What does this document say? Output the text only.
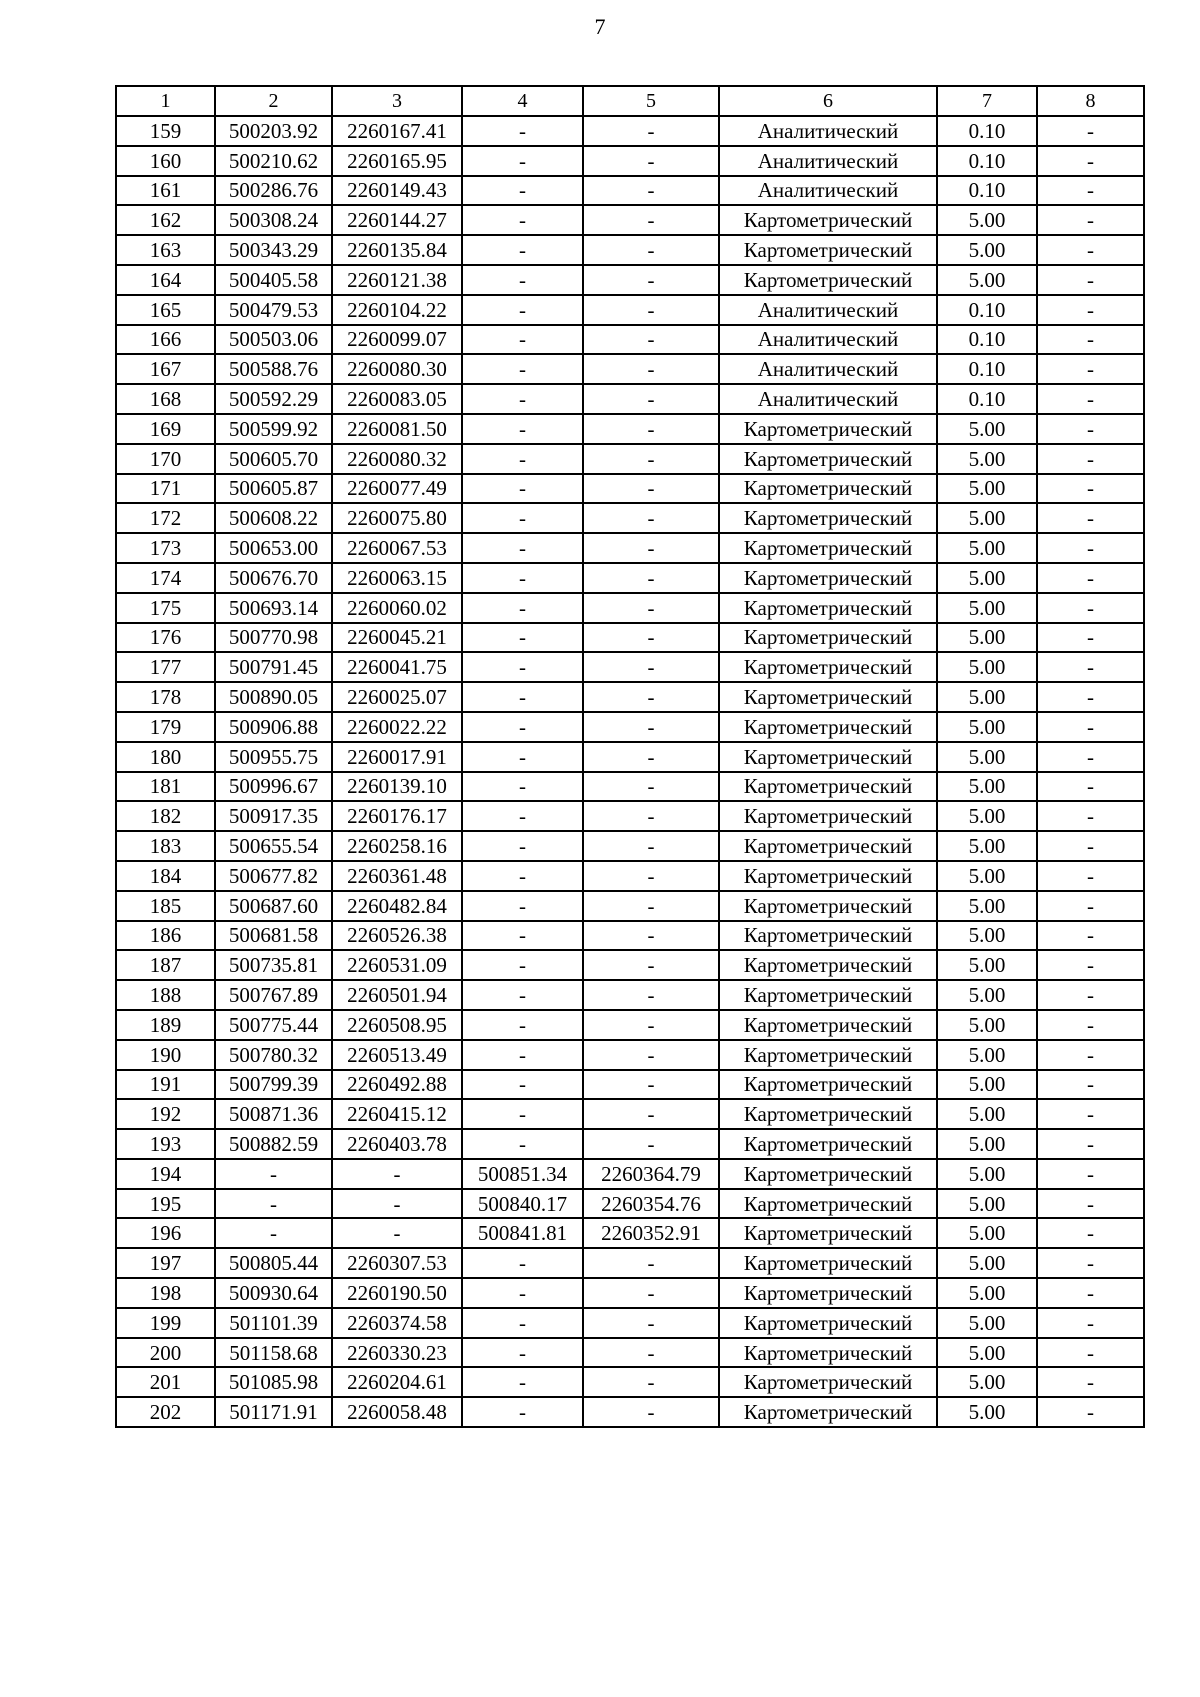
7
1	2	3	4	5	6	7	8
159	500203.92	2260167.41	-	-	Аналитический	0.10	-
160	500210.62	2260165.95	-	-	Аналитический	0.10	-
161	500286.76	2260149.43	-	-	Аналитический	0.10	-
162	500308.24	2260144.27	-	-	Картометрический	5.00	-
163	500343.29	2260135.84	-	-	Картометрический	5.00	-
164	500405.58	2260121.38	-	-	Картометрический	5.00	-
165	500479.53	2260104.22	-	-	Аналитический	0.10	-
166	500503.06	2260099.07	-	-	Аналитический	0.10	-
167	500588.76	2260080.30	-	-	Аналитический	0.10	-
168	500592.29	2260083.05	-	-	Аналитический	0.10	-
169	500599.92	2260081.50	-	-	Картометрический	5.00	-
170	500605.70	2260080.32	-	-	Картометрический	5.00	-
171	500605.87	2260077.49	-	-	Картометрический	5.00	-
172	500608.22	2260075.80	-	-	Картометрический	5.00	-
173	500653.00	2260067.53	-	-	Картометрический	5.00	-
174	500676.70	2260063.15	-	-	Картометрический	5.00	-
175	500693.14	2260060.02	-	-	Картометрический	5.00	-
176	500770.98	2260045.21	-	-	Картометрический	5.00	-
177	500791.45	2260041.75	-	-	Картометрический	5.00	-
178	500890.05	2260025.07	-	-	Картометрический	5.00	-
179	500906.88	2260022.22	-	-	Картометрический	5.00	-
180	500955.75	2260017.91	-	-	Картометрический	5.00	-
181	500996.67	2260139.10	-	-	Картометрический	5.00	-
182	500917.35	2260176.17	-	-	Картометрический	5.00	-
183	500655.54	2260258.16	-	-	Картометрический	5.00	-
184	500677.82	2260361.48	-	-	Картометрический	5.00	-
185	500687.60	2260482.84	-	-	Картометрический	5.00	-
186	500681.58	2260526.38	-	-	Картометрический	5.00	-
187	500735.81	2260531.09	-	-	Картометрический	5.00	-
188	500767.89	2260501.94	-	-	Картометрический	5.00	-
189	500775.44	2260508.95	-	-	Картометрический	5.00	-
190	500780.32	2260513.49	-	-	Картометрический	5.00	-
191	500799.39	2260492.88	-	-	Картометрический	5.00	-
192	500871.36	2260415.12	-	-	Картометрический	5.00	-
193	500882.59	2260403.78	-	-	Картометрический	5.00	-
194	-	-	500851.34	2260364.79	Картометрический	5.00	-
195	-	-	500840.17	2260354.76	Картометрический	5.00	-
196	-	-	500841.81	2260352.91	Картометрический	5.00	-
197	500805.44	2260307.53	-	-	Картометрический	5.00	-
198	500930.64	2260190.50	-	-	Картометрический	5.00	-
199	501101.39	2260374.58	-	-	Картометрический	5.00	-
200	501158.68	2260330.23	-	-	Картометрический	5.00	-
201	501085.98	2260204.61	-	-	Картометрический	5.00	-
202	501171.91	2260058.48	-	-	Картометрический	5.00	-
